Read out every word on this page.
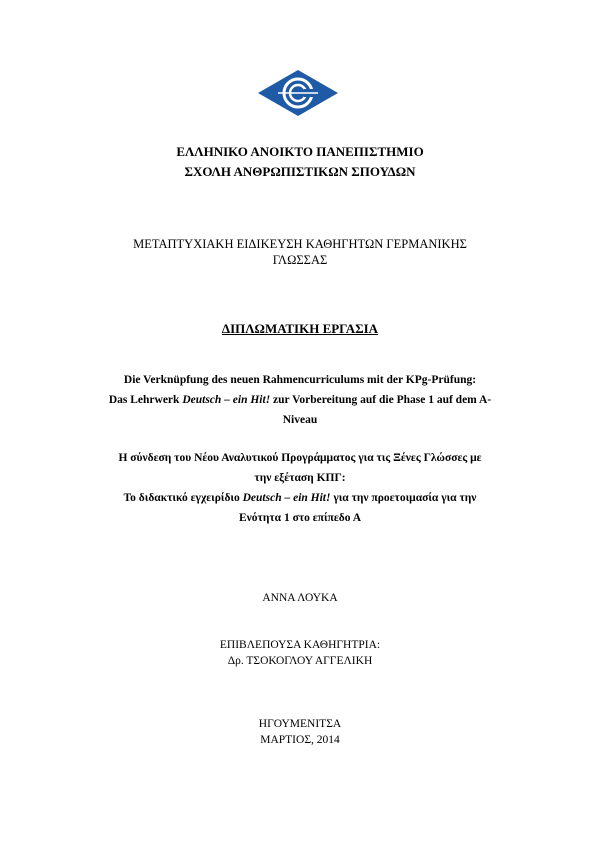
ΕΛΛΗΝΙΚΟ ΑΝΟΙΚΤΟ ΠΑΝΕΠΙΣΤΗΜΙΟ
ΣΧΟΛΗ ΑΝΘΡΩΠΙΣΤΙΚΩΝ ΣΠΟΥΔΩΝ
ΜΕΤΑΠΤΥΧΙΑΚΗ ΕΙΔΙΚΕΥΣΗ ΚΑΘΗΓΗΤΩΝ ΓΕΡΜΑΝΙΚΗΣ
ΓΛΩΣΣΑΣ
ΔΙΠΛΩΜΑΤΙΚΗ ΕΡΓΑΣΙΑ
Die Verknüpfung des neuen Rahmencurriculums mit der KPg-Prüfung:
Das Lehrwerk Deutsch – ein Hit! zur Vorbereitung auf die Phase 1 auf dem A-
Niveau
Η σύνδεση του Νέου Αναλυτικού Προγράμματος για τις Ξένες Γλώσσες με
την εξέταση ΚΠΓ:
Το διδακτικό εγχειρίδιο Deutsch – ein Hit! για την προετοιμασία για την
Ενότητα 1 στο επίπεδο Α
ΑΝΝΑ ΛΟΥΚΑ
ΕΠΙΒΛΕΠΟΥΣΑ ΚΑΘΗΓΗΤΡΙΑ:
Δρ. ΤΣΟΚΟΓΛΟΥ ΑΓΓΕΛΙΚΗ
ΗΓΟΥΜΕΝΙΤΣΑ
ΜΑΡΤΙΟΣ, 2014
